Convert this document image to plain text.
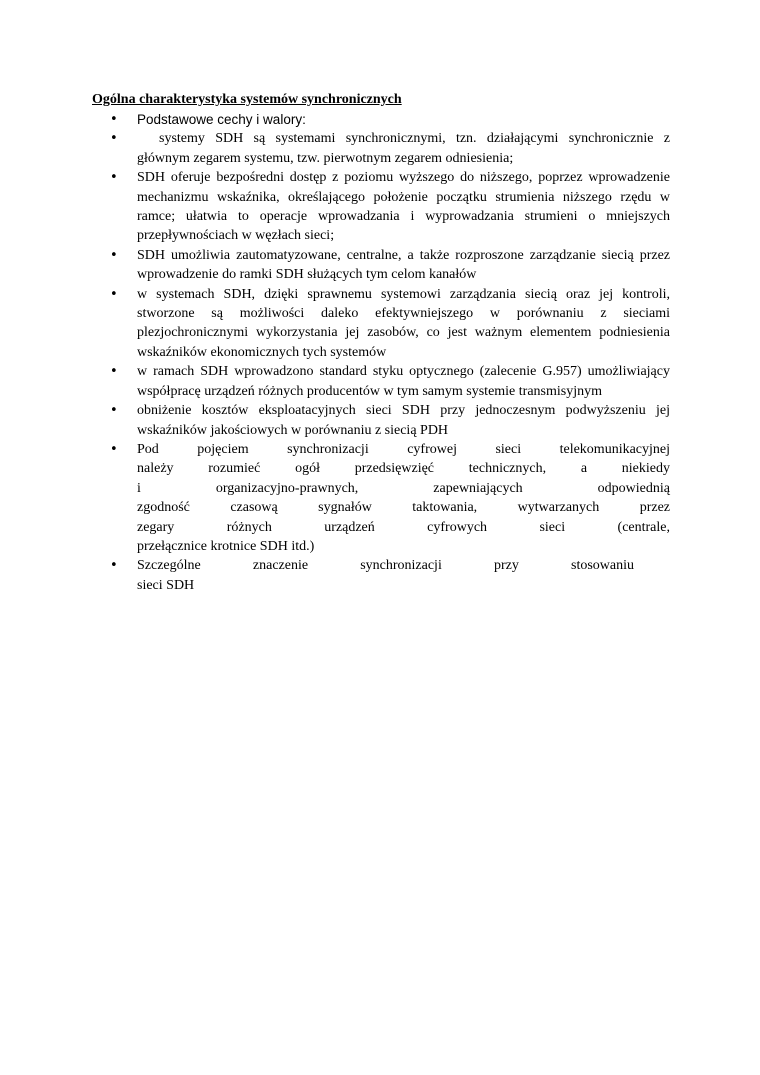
Ogólna charakterystyka systemów synchronicznych
• Podstawowe cechy i walory:
•	systemy SDH są systemami synchronicznymi, tzn. działającymi synchronicznie z głównym zegarem systemu, tzw. pierwotnym zegarem odniesienia;
• SDH oferuje bezpośredni dostęp z poziomu wyższego do niższego, poprzez wprowadzenie mechanizmu wskaźnika, określającego położenie początku strumienia niższego rzędu w ramce; ułatwia to operacje wprowadzania i wyprowadzania strumieni o mniejszych przepływnościach w węzłach sieci;
• SDH umożliwia zautomatyzowane, centralne, a także rozproszone zarządzanie siecią przez wprowadzenie do ramki SDH służących tym celom kanałów
• w systemach SDH, dzięki sprawnemu systemowi zarządzania siecią oraz jej kontroli, stworzone są możliwości daleko efektywniejszego w porównaniu z sieciami plezjochronicznymi wykorzystania jej zasobów, co jest ważnym elementem podniesienia wskaźników ekonomicznych tych systemów
• w ramach SDH wprowadzono standard styku optycznego (zalecenie G.957) umożliwiający współpracę urządzeń różnych producentów w tym samym systemie transmisyjnym
• obniżenie kosztów eksploatacyjnych sieci SDH przy jednoczesnym podwyższeniu jej wskaźników jakościowych w porównaniu z siecią PDH
• Pod pojęciem synchronizacji cyfrowej sieci telekomunikacyjnej
należy rozumieć ogół przedsięwzięć technicznych, a niekiedy
i organizacyjno-prawnych, zapewniających odpowiednią
zgodność czasową sygnałów taktowania, wytwarzanych przez
zegary różnych urządzeń cyfrowych sieci (centrale,
przełącznice krotnice SDH itd.)
• Szczególne znaczenie synchronizacji przy stosowaniu
sieci SDH
